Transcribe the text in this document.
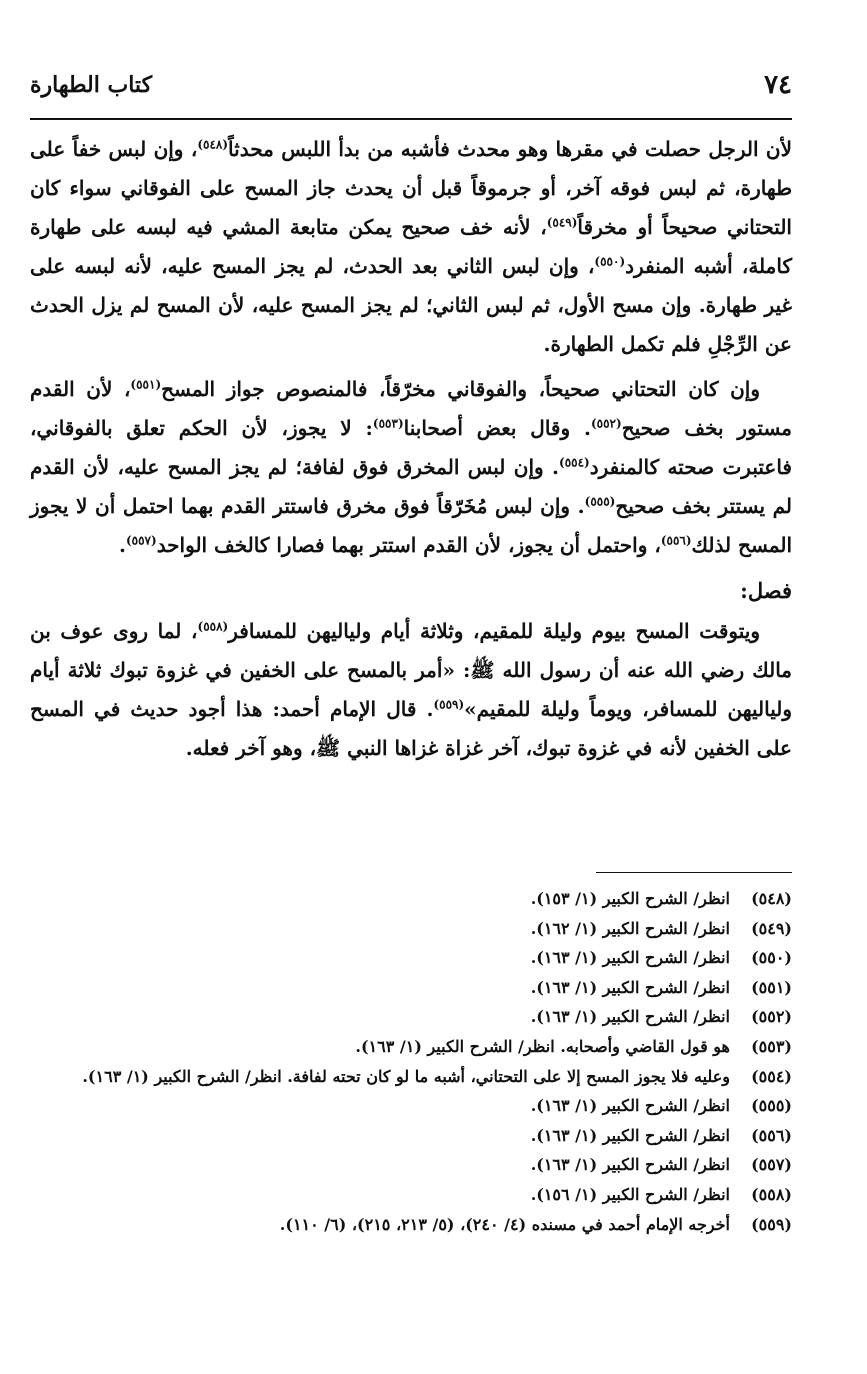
٧٤
كتاب الطهارة

لأن الرجل حصلت في مقرها وهو محدث فأشبه من بدأ اللبس محدثاً$^{(٥٤٨)}$، وإن لبس خفاً على طهارة، ثم لبس فوقه آخر، أو جرموقاً قبل أن يحدث جاز المسح على الفوقاني سواء كان التحتاني صحيحاً أو مخرقاً$^{(٥٤٩)}$، لأنه خف صحيح يمكن متابعة المشي فيه لبسه على طهارة كاملة، أشبه المنفرد$^{(٥٥٠)}$، وإن لبس الثاني بعد الحدث، لم يجز المسح عليه، لأنه لبسه على غير طهارة. وإن مسح الأول، ثم لبس الثاني؛ لم يجز المسح عليه، لأن المسح لم يزل الحدث عن الرِّجْلِ فلم تكمل الطهارة.

وإن كان التحتاني صحيحاً، والفوقاني مخرّقاً، فالمنصوص جواز المسح$^{(٥٥١)}$، لأن القدم مستور بخف صحيح$^{(٥٥٢)}$. وقال بعض أصحابنا$^{(٥٥٣)}$: لا يجوز، لأن الحكم تعلق بالفوقاني، فاعتبرت صحته كالمنفرد$^{(٥٥٤)}$. وإن لبس المخرق فوق لفافة؛ لم يجز المسح عليه، لأن القدم لم يستتر بخف صحيح$^{(٥٥٥)}$. وإن لبس مُخَرّقاً فوق مخرق فاستتر القدم بهما احتمل أن لا يجوز المسح لذلك$^{(٥٥٦)}$، واحتمل أن يجوز، لأن القدم استتر بهما فصارا كالخف الواحد$^{(٥٥٧)}$.

فصل:

ويتوقت المسح بيوم وليلة للمقيم، وثلاثة أيام ولياليهن للمسافر$^{(٥٥٨)}$، لما روى عوف بن مالك رضي الله عنه أن رسول الله ﷺ: «أمر بالمسح على الخفين في غزوة تبوك ثلاثة أيام ولياليهن للمسافر، ويوماً وليلة للمقيم»$^{(٥٥٩)}$. قال الإمام أحمد: هذا أجود حديث في المسح على الخفين لأنه في غزوة تبوك، آخر غزاة غزاها النبي ﷺ، وهو آخر فعله.

(٥٤٨)
انظر/ الشرح الكبير (١/ ١٥٣).
(٥٤٩)
انظر/ الشرح الكبير (١/ ١٦٢).
(٥٥٠)
انظر/ الشرح الكبير (١/ ١٦٣).
(٥٥١)
انظر/ الشرح الكبير (١/ ١٦٣).
(٥٥٢)
انظر/ الشرح الكبير (١/ ١٦٣).
(٥٥٣)
هو قول القاضي وأصحابه. انظر/ الشرح الكبير (١/ ١٦٣).
(٥٥٤)
وعليه فلا يجوز المسح إلا على التحتاني، أشبه ما لو كان تحته لفافة. انظر/ الشرح الكبير (١/ ١٦٣).
(٥٥٥)
انظر/ الشرح الكبير (١/ ١٦٣).
(٥٥٦)
انظر/ الشرح الكبير (١/ ١٦٣).
(٥٥٧)
انظر/ الشرح الكبير (١/ ١٦٣).
(٥٥٨)
انظر/ الشرح الكبير (١/ ١٥٦).
(٥٥٩)
أخرجه الإمام أحمد في مسنده (٤/ ٢٤٠)، (٥/ ٢١٣، ٢١٥)، (٦/ ١١٠).
